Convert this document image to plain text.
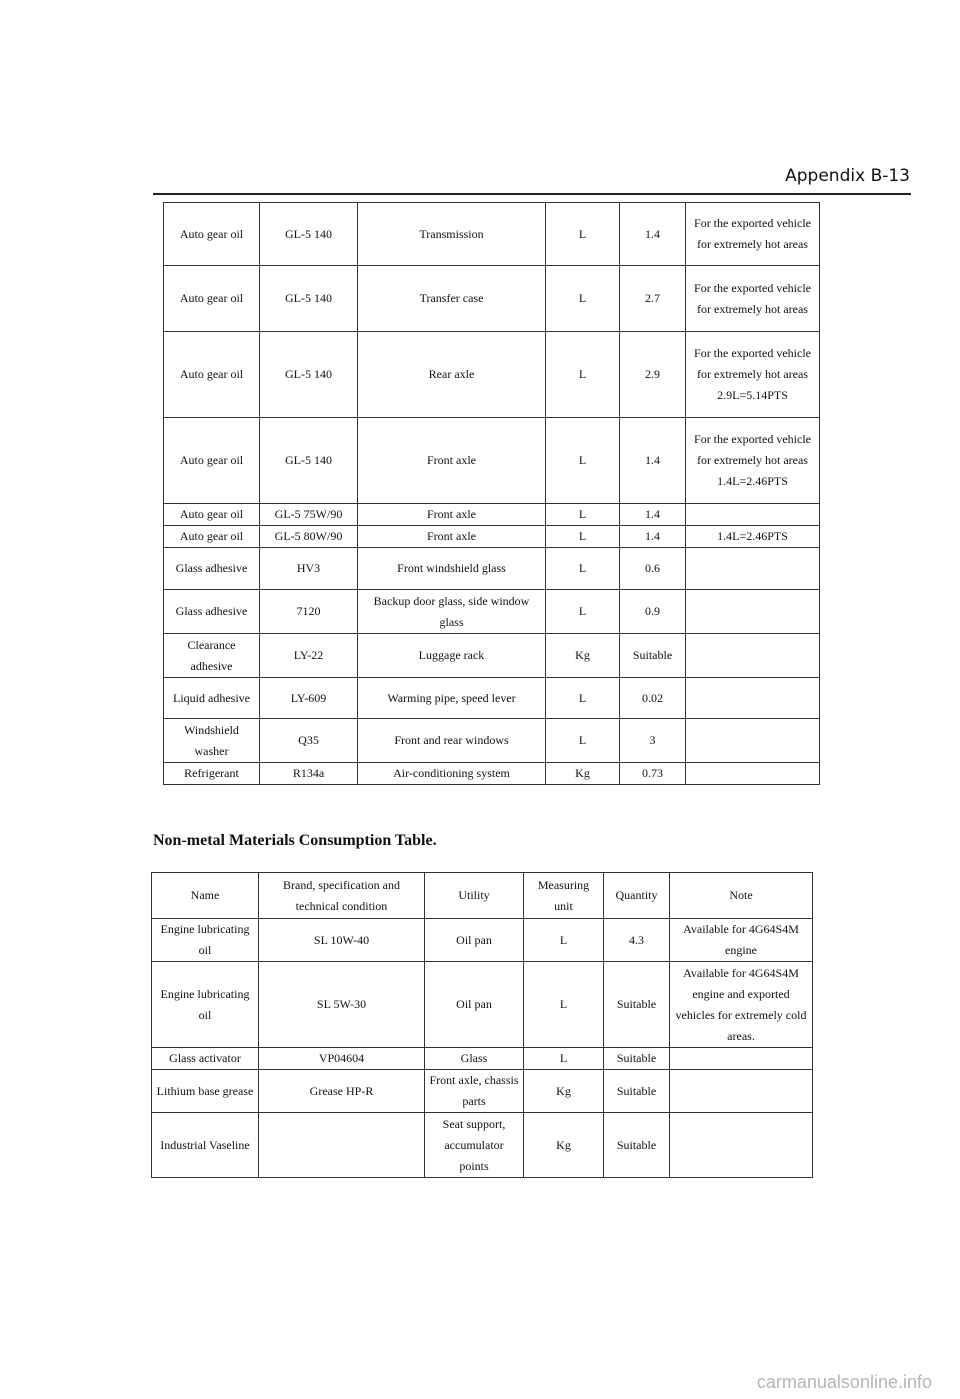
Appendix B-13
Auto gear oil	GL-5 140	Transmission	L	1.4	For the exported vehicle for extremely hot areas
Auto gear oil	GL-5 140	Transfer case	L	2.7	For the exported vehicle for extremely hot areas
Auto gear oil	GL-5 140	Rear axle	L	2.9	For the exported vehicle for extremely hot areas 2.9L=5.14PTS
Auto gear oil	GL-5 140	Front axle	L	1.4	For the exported vehicle for extremely hot areas 1.4L=2.46PTS
Auto gear oil	GL-5 75W/90	Front axle	L	1.4	
Auto gear oil	GL-5 80W/90	Front axle	L	1.4	1.4L=2.46PTS
Glass adhesive	HV3	Front windshield glass	L	0.6	
Glass adhesive	7120	Backup door glass, side window glass	L	0.9	
Clearance adhesive	LY-22	Luggage rack	Kg	Suitable	
Liquid adhesive	LY-609	Warming pipe, speed lever	L	0.02	
Windshield washer	Q35	Front and rear windows	L	3	
Refrigerant	R134a	Air-conditioning system	Kg	0.73	
Non-metal Materials Consumption Table.
Name	Brand, specification and technical condition	Utility	Measuring unit	Quantity	Note
Engine lubricating oil	SL 10W-40	Oil pan	L	4.3	Available for 4G64S4M engine
Engine lubricating oil	SL 5W-30	Oil pan	L	Suitable	Available for 4G64S4M engine and exported vehicles for extremely cold areas.
Glass activator	VP04604	Glass	L	Suitable	
Lithium base grease	Grease HP-R	Front axle, chassis parts	Kg	Suitable	
Industrial Vaseline		Seat support, accumulator points	Kg	Suitable	
carmanualsonline.info
